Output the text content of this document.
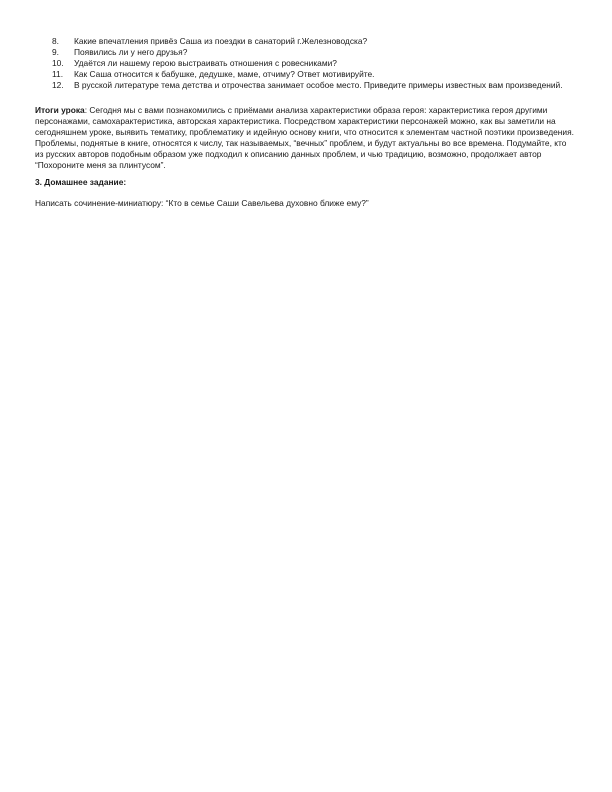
8.	Какие впечатления привёз Саша из поездки в санаторий г.Железноводска?
9.	Появились ли у него друзья?
10.	Удаётся ли нашему герою выстраивать отношения с ровесниками?
11.	Как Саша относится к бабушке, дедушке, маме, отчиму? Ответ мотивируйте.
12.	В русской литературе тема детства и отрочества занимает особое место. Приведите примеры известных вам произведений.

Итоги урока: Сегодня мы с вами познакомились с приёмами анализа характеристики образа героя: характеристика героя другими персонажами, самохарактеристика, авторская характеристика. Посредством характеристики персонажей можно, как вы заметили на сегодняшнем уроке, выявить тематику, проблематику и идейную основу книги, что относится к элементам частной поэтики произведения. Проблемы, поднятые в книге, относятся к числу, так называемых, “вечных” проблем, и будут актуальны во все времена. Подумайте, кто из русских авторов подобным образом уже подходил к описанию данных проблем, и чью традицию, возможно, продолжает автор “Похороните меня за плинтусом”.

3. Домашнее задание:
Написать сочинение-миниатюру: “Кто в семье Саши Савельева духовно ближе ему?”
